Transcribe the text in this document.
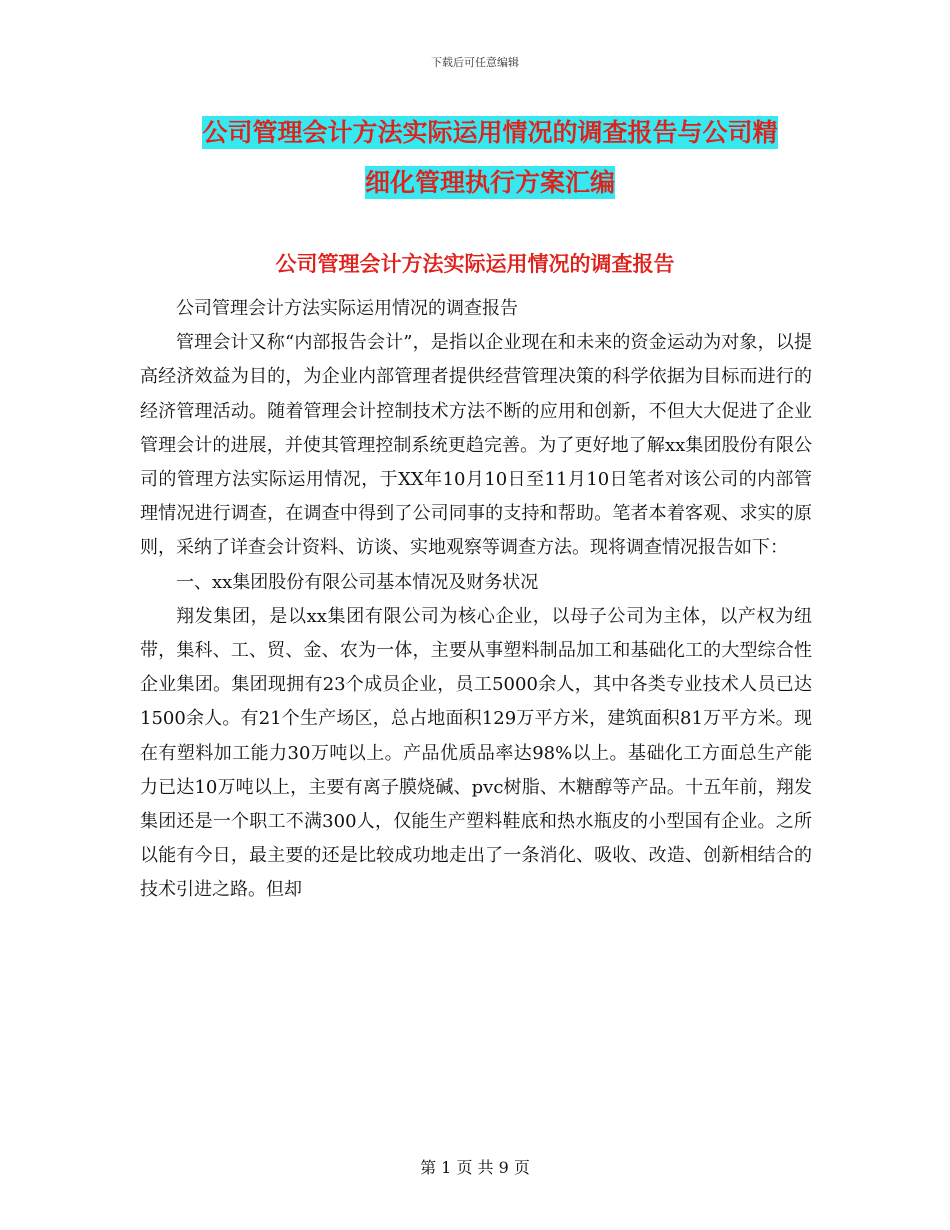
下载后可任意编辑
公司管理会计方法实际运用情况的调查报告与公司精
细化管理执行方案汇编
公司管理会计方法实际运用情况的调查报告

公司管理会计方法实际运用情况的调查报告

管理会计又称“内部报告会计”，是指以企业现在和未来的资金运动为对象，以提高经济效益为目的，为企业内部管理者提供经营管理决策的科学依据为目标而进行的经济管理活动。随着管理会计控制技术方法不断的应用和创新，不但大大促进了企业管理会计的进展，并使其管理控制系统更趋完善。为了更好地了解xx集团股份有限公司的管理方法实际运用情况，于XX年10月10日至11月10日笔者对该公司的内部管理情况进行调查，在调查中得到了公司同事的支持和帮助。笔者本着客观、求实的原则，采纳了详查会计资料、访谈、实地观察等调查方法。现将调查情况报告如下：

一、xx集团股份有限公司基本情况及财务状况

翔发集团，是以xx集团有限公司为核心企业，以母子公司为主体，以产权为纽带，集科、工、贸、金、农为一体，主要从事塑料制品加工和基础化工的大型综合性企业集团。集团现拥有23个成员企业，员工5000余人，其中各类专业技术人员已达1500余人。有21个生产场区，总占地面积129万平方米，建筑面积81万平方米。现在有塑料加工能力30万吨以上。产品优质品率达98%以上。基础化工方面总生产能力已达10万吨以上，主要有离子膜烧碱、pvc树脂、木糖醇等产品。十五年前，翔发集团还是一个职工不满300人，仅能生产塑料鞋底和热水瓶皮的小型国有企业。之所以能有今日，最主要的还是比较成功地走出了一条消化、吸收、改造、创新相结合的技术引进之路。但却

第 1 页 共 9 页
